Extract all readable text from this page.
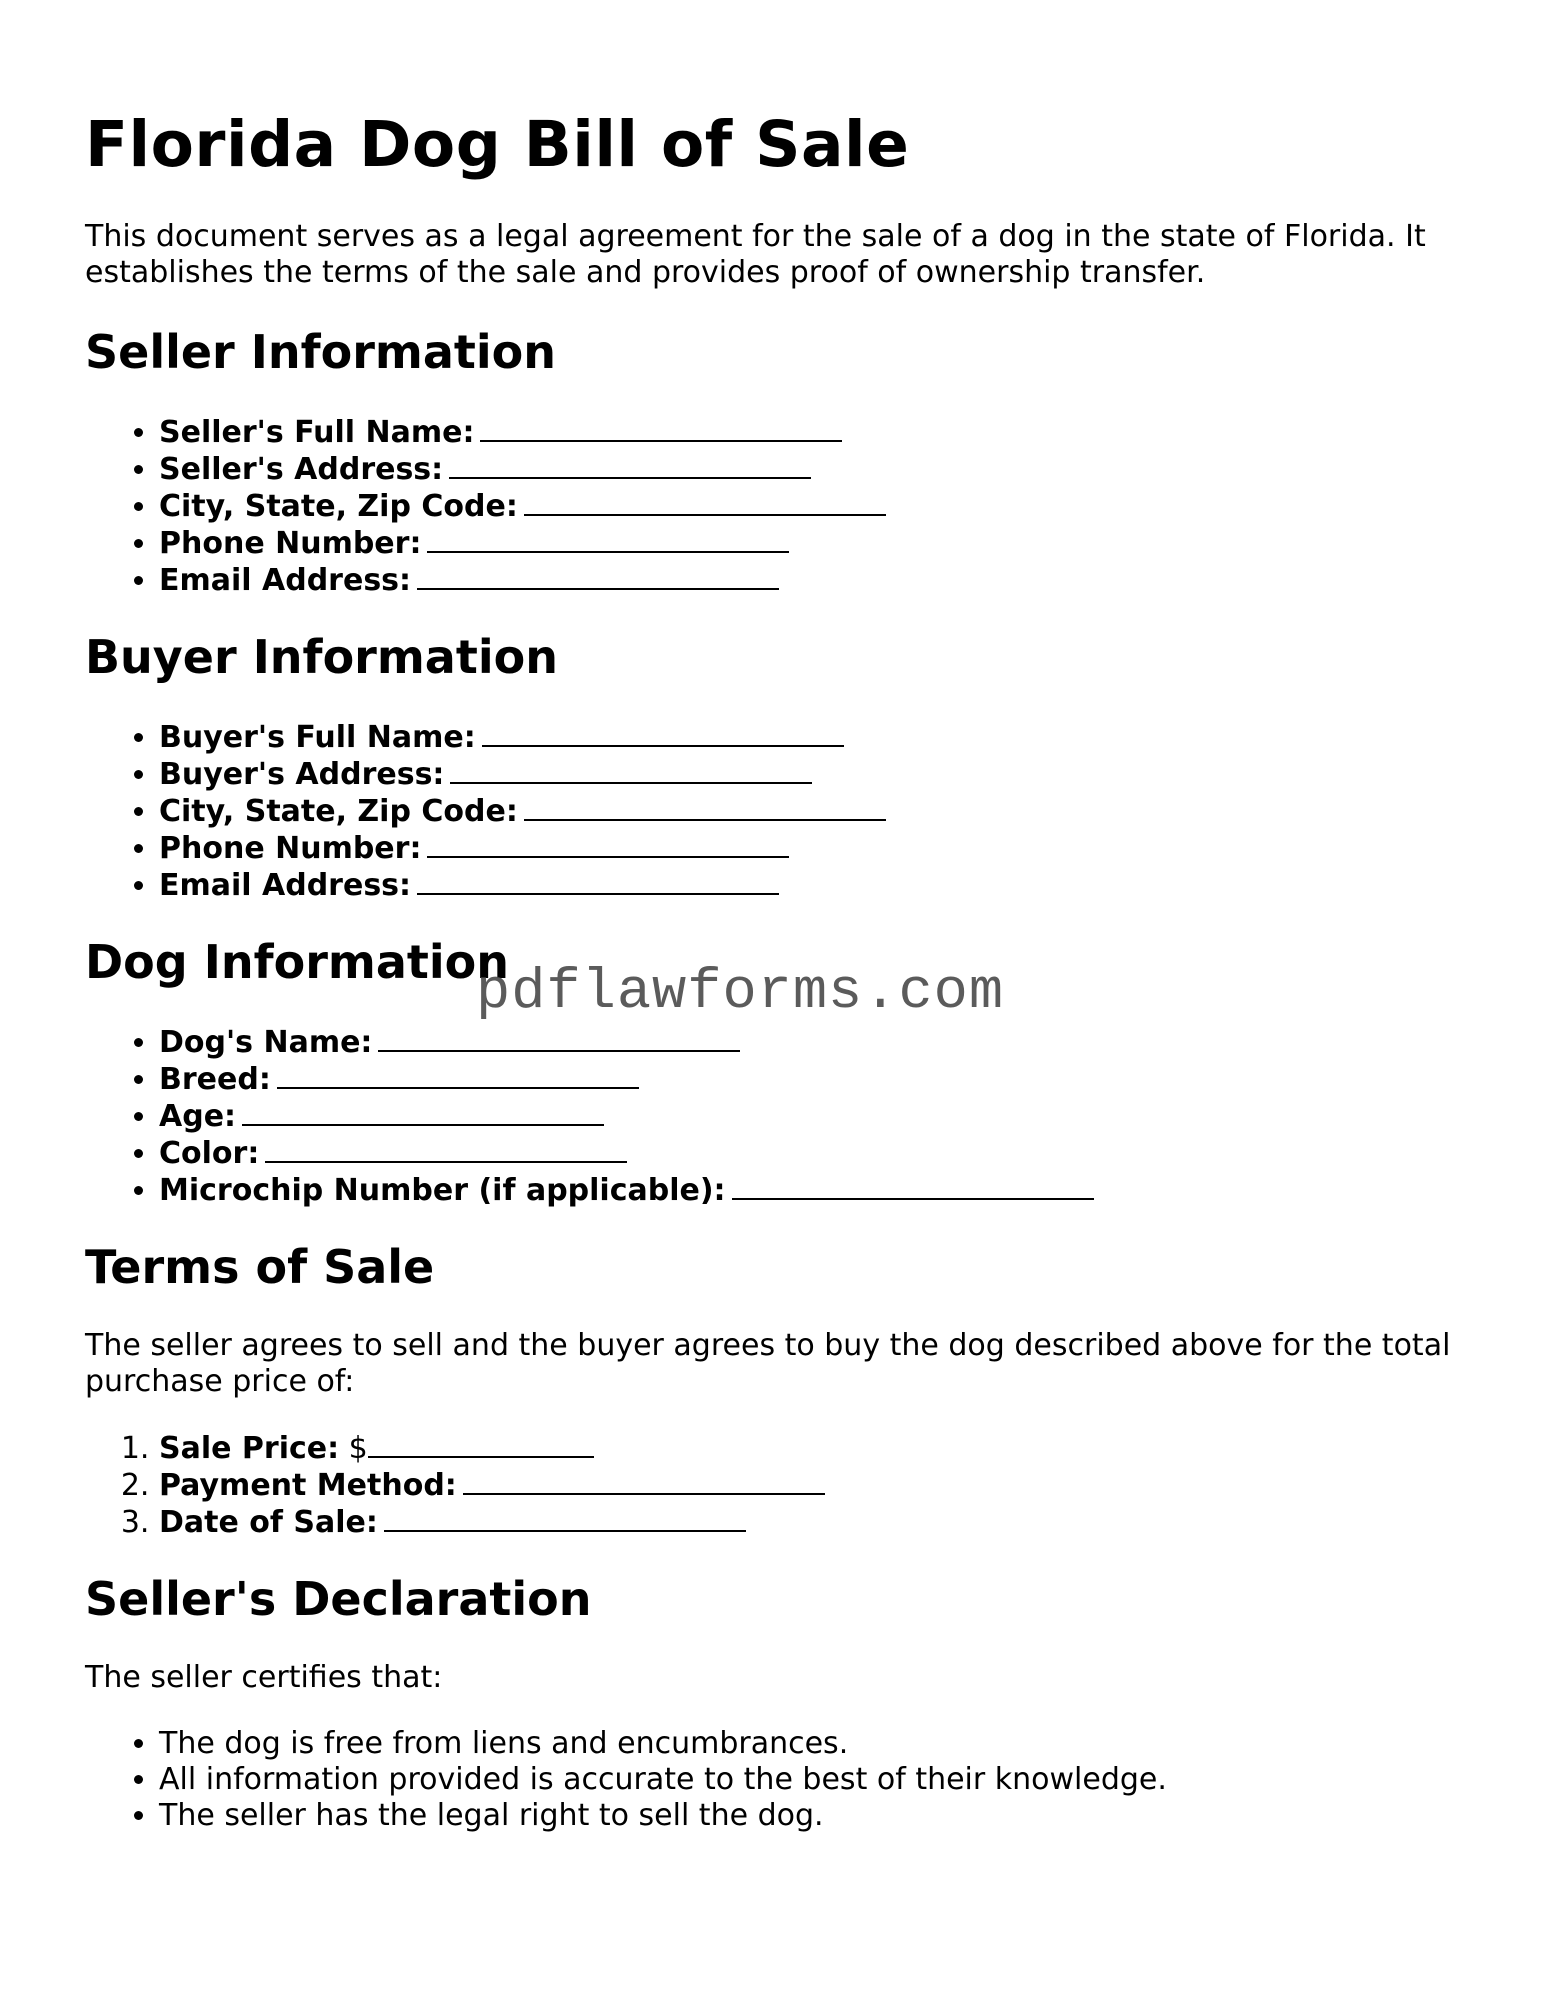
Florida Dog Bill of Sale

This document serves as a legal agreement for the sale of a dog in the state of Florida. It establishes the terms of the sale and provides proof of ownership transfer.

Seller Information
• Seller's Full Name:
• Seller's Address:
• City, State, Zip Code:
• Phone Number:
• Email Address:
Buyer Information
• Buyer's Full Name:
• Buyer's Address:
• City, State, Zip Code:
• Phone Number:
• Email Address:
Dog Information
• Dog's Name:
• Breed:
• Age:
• Color:
• Microchip Number (if applicable):
Terms of Sale

The seller agrees to sell and the buyer agrees to buy the dog described above for the total purchase price of:

1. Sale Price: $
2. Payment Method:
3. Date of Sale:
Seller's Declaration

The seller certifies that:

• The dog is free from liens and encumbrances.
• All information provided is accurate to the best of their knowledge.
• The seller has the legal right to sell the dog.
pdflawforms.com
